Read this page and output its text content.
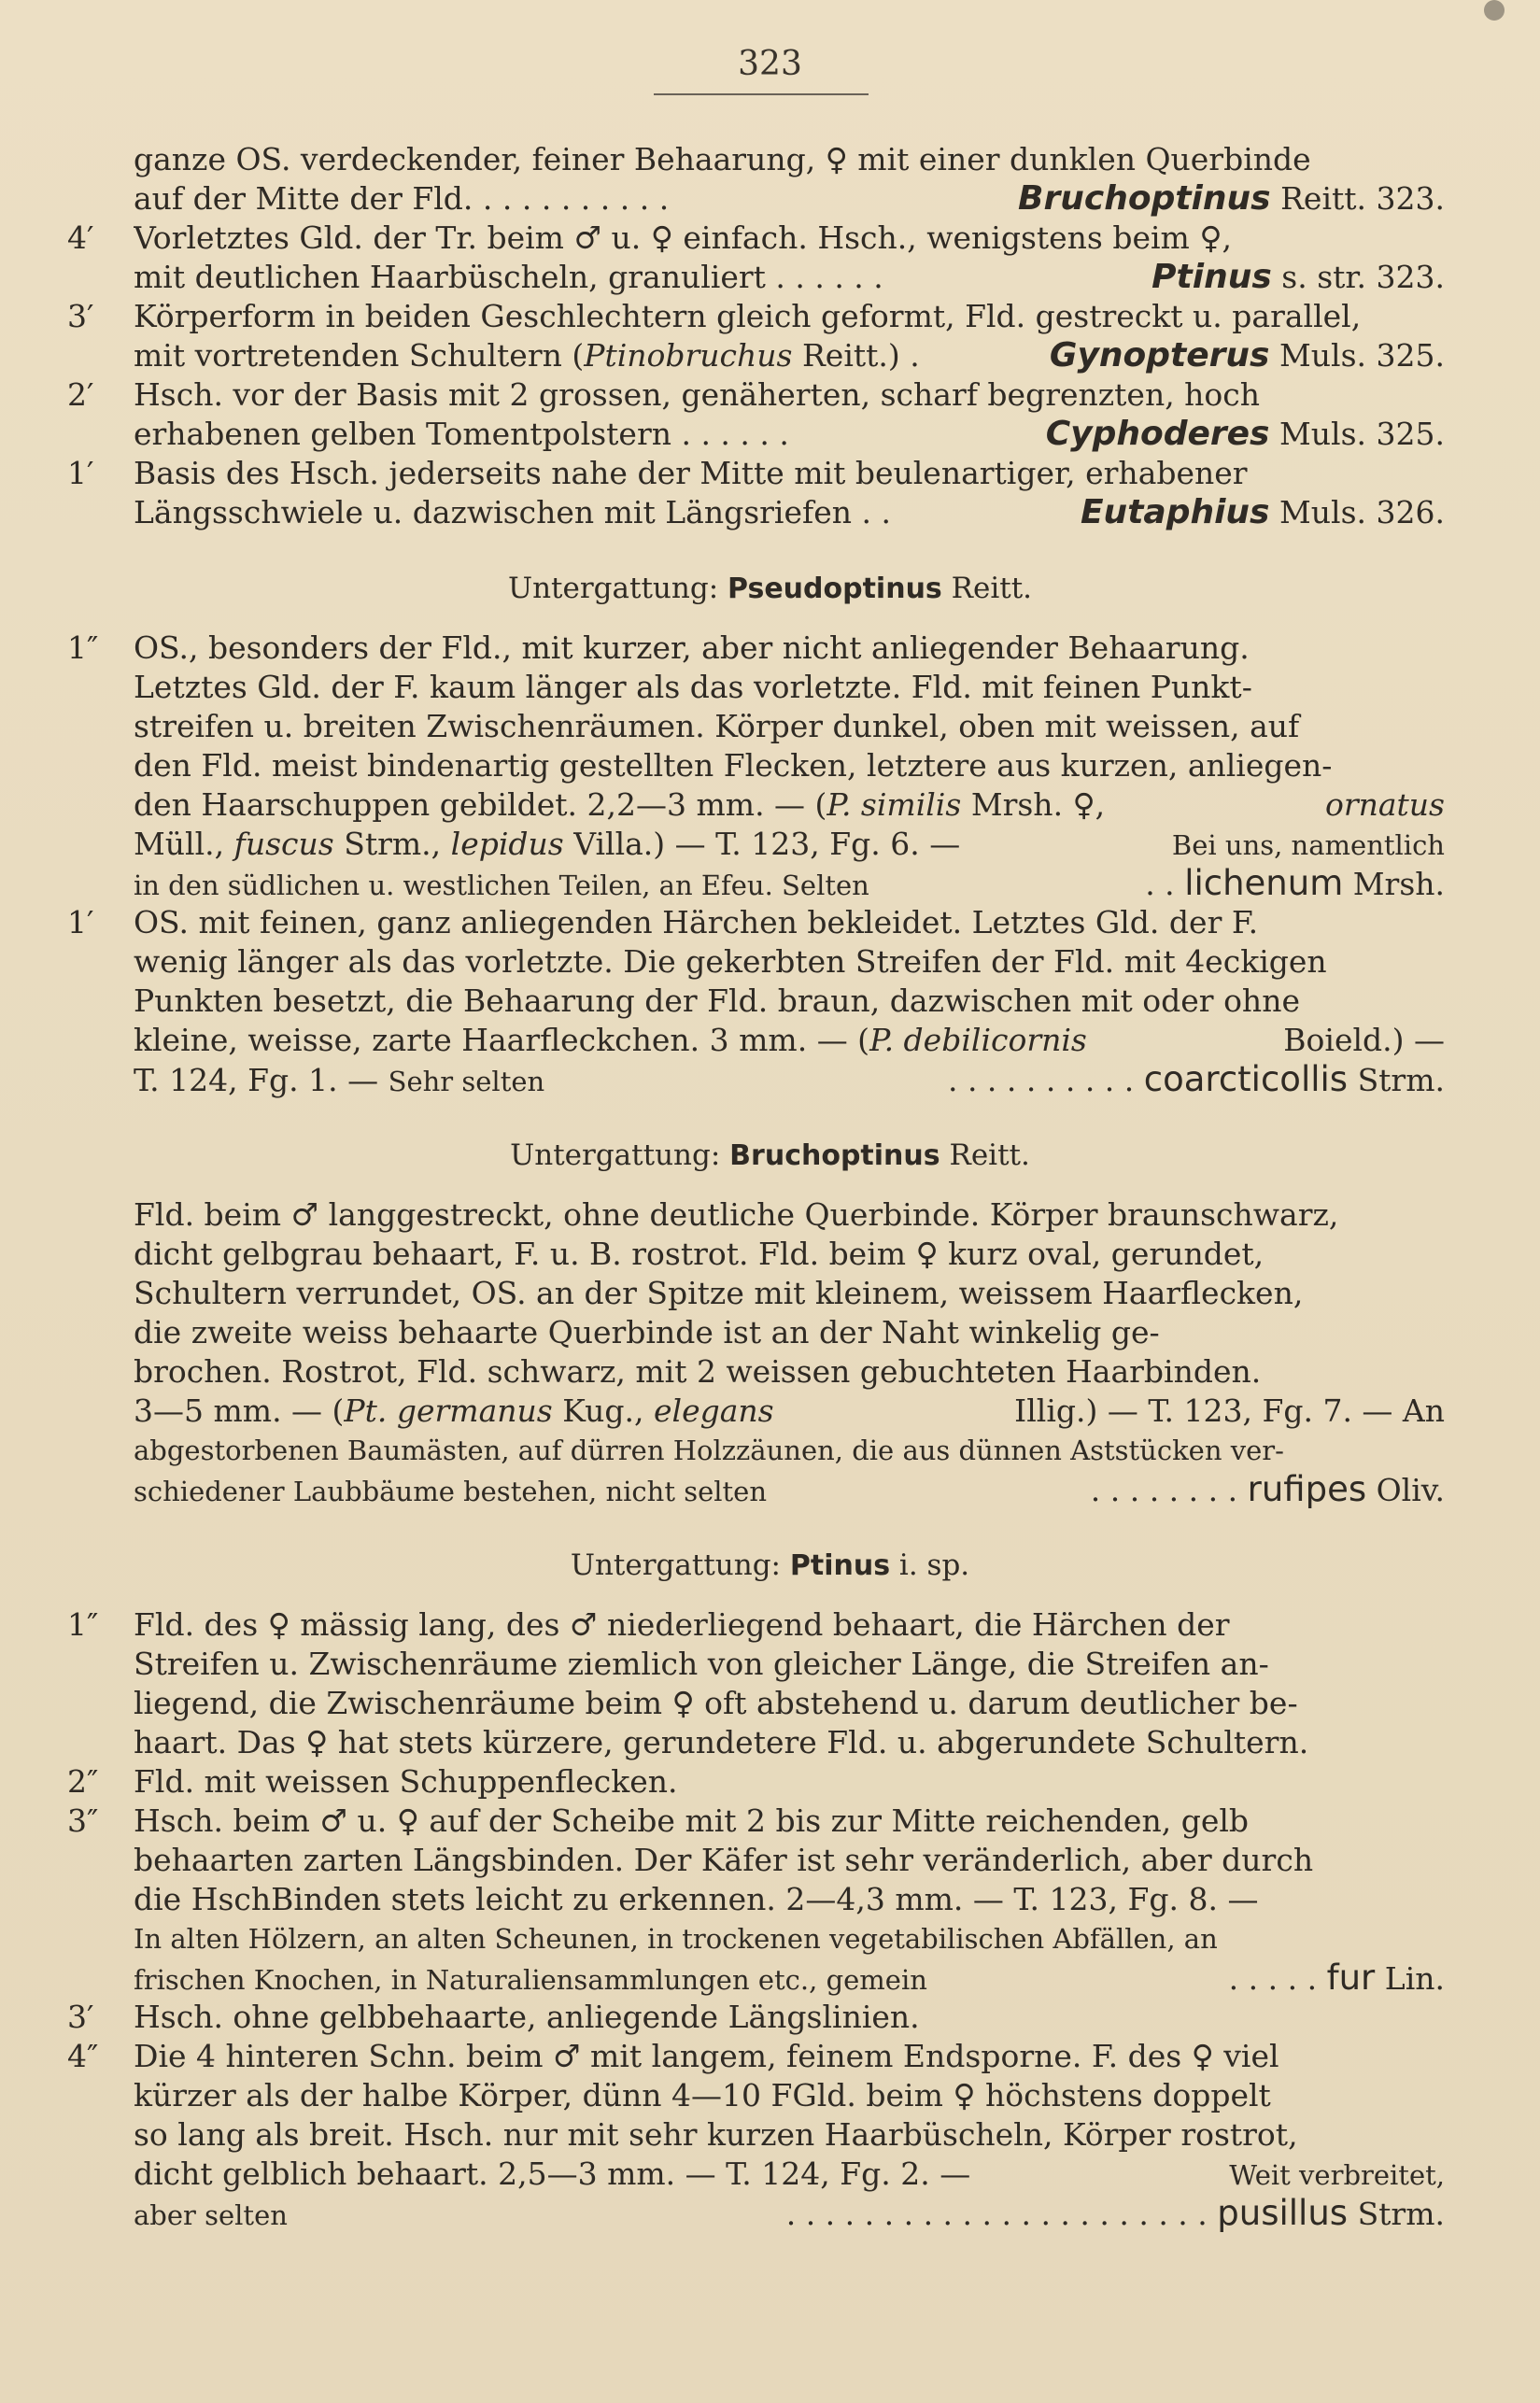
323
ganze OS. verdeckender, feiner Behaarung, ♀ mit einer dunklen Querbinde
auf der Mitte der Fld. . . . . . . . . . .	Bruchoptinus Reitt. 323.
4′	Vorletztes Gld. der Tr. beim ♂ u. ♀ einfach. Hsch., wenigstens beim ♀,
mit deutlichen Haarbüscheln, granuliert . . . . . .	Ptinus s. str. 323.
3′	Körperform in beiden Geschlechtern gleich geformt, Fld. gestreckt u. parallel,
mit vortretenden Schultern (Ptinobruchus Reitt.) .	Gynopterus Muls. 325.
2′	Hsch. vor der Basis mit 2 grossen, genäherten, scharf begrenzten, hoch
erhabenen gelben Tomentpolstern . . . . . .	Cyphoderes Muls. 325.
1′	Basis des Hsch. jederseits nahe der Mitte mit beulenartiger, erhabener
Längsschwiele u. dazwischen mit Längsriefen . .	Eutaphius Muls. 326.
Untergattung: Pseudoptinus Reitt.
1″	OS., besonders der Fld., mit kurzer, aber nicht anliegender Behaarung.
Letztes Gld. der F. kaum länger als das vorletzte. Fld. mit feinen Punkt-
streifen u. breiten Zwischenräumen. Körper dunkel, oben mit weissen, auf
den Fld. meist bindenartig gestellten Flecken, letztere aus kurzen, anliegen-
den Haarschuppen gebildet. 2,2—3 mm. — (P. similis Mrsh. ♀,	ornatus
Müll., fuscus Strm., lepidus Villa.) — T. 123, Fg. 6. —	Bei uns, namentlich
in den südlichen u. westlichen Teilen, an Efeu. Selten	. . lichenum Mrsh.
1′	OS. mit feinen, ganz anliegenden Härchen bekleidet. Letztes Gld. der F.
wenig länger als das vorletzte. Die gekerbten Streifen der Fld. mit 4eckigen
Punkten besetzt, die Behaarung der Fld. braun, dazwischen mit oder ohne
kleine, weisse, zarte Haarfleckchen. 3 mm. — (P. debilicornis	Boield.) —
T. 124, Fg. 1. — Sehr selten	. . . . . . . . . . coarcticollis Strm.
Untergattung: Bruchoptinus Reitt.
Fld. beim ♂ langgestreckt, ohne deutliche Querbinde. Körper braunschwarz,
dicht gelbgrau behaart, F. u. B. rostrot. Fld. beim ♀ kurz oval, gerundet,
Schultern verrundet, OS. an der Spitze mit kleinem, weissem Haarflecken,
die zweite weiss behaarte Querbinde ist an der Naht winkelig ge-
brochen. Rostrot, Fld. schwarz, mit 2 weissen gebuchteten Haarbinden.
3—5 mm. — (Pt. germanus Kug., elegans	Illig.) — T. 123, Fg. 7. — An
abgestorbenen Baumästen, auf dürren Holzzäunen, die aus dünnen Aststücken ver-
schiedener Laubbäume bestehen, nicht selten	. . . . . . . . rufipes Oliv.
Untergattung: Ptinus i. sp.
1″	Fld. des ♀ mässig lang, des ♂ niederliegend behaart, die Härchen der
Streifen u. Zwischenräume ziemlich von gleicher Länge, die Streifen an-
liegend, die Zwischenräume beim ♀ oft abstehend u. darum deutlicher be-
haart. Das ♀ hat stets kürzere, gerundetere Fld. u. abgerundete Schultern.
2″	Fld. mit weissen Schuppenflecken.
3″	Hsch. beim ♂ u. ♀ auf der Scheibe mit 2 bis zur Mitte reichenden, gelb
behaarten zarten Längsbinden. Der Käfer ist sehr veränderlich, aber durch
die HschBinden stets leicht zu erkennen. 2—4,3 mm. — T. 123, Fg. 8. —
In alten Hölzern, an alten Scheunen, in trockenen vegetabilischen Abfällen, an
frischen Knochen, in Naturaliensammlungen etc., gemein	. . . . . fur Lin.
3′	Hsch. ohne gelbbehaarte, anliegende Längslinien.
4″	Die 4 hinteren Schn. beim ♂ mit langem, feinem Endsporne. F. des ♀ viel
kürzer als der halbe Körper, dünn 4—10 FGld. beim ♀ höchstens doppelt
so lang als breit. Hsch. nur mit sehr kurzen Haarbüscheln, Körper rostrot,
dicht gelblich behaart. 2,5—3 mm. — T. 124, Fg. 2. —	Weit verbreitet,
aber selten	. . . . . . . . . . . . . . . . . . . . . . pusillus Strm.
